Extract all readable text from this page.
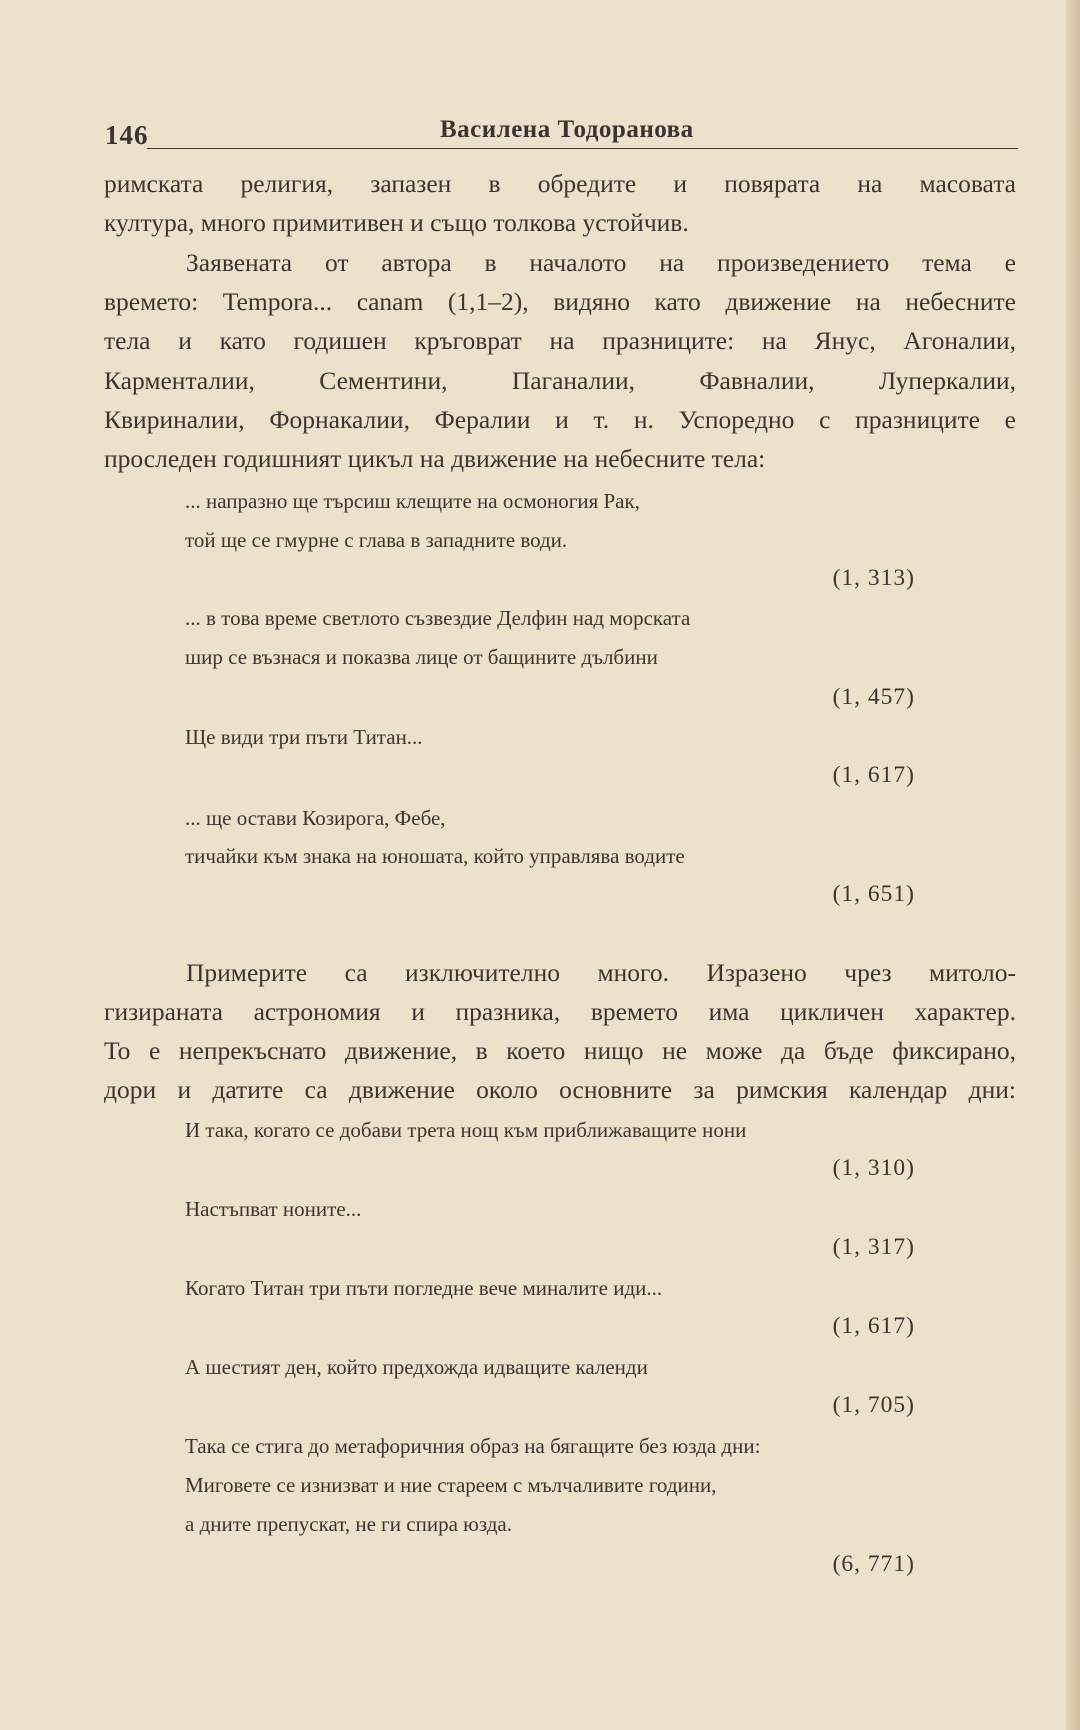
146	Василена Тодоранова
римската религия, запазен в обредите и повярата на масовата
култура, много примитивен и също толкова устойчив.
Заявената от автора в началото на произведението тема е
времето: Tempora... canam (1,1–2), видяно като движение на небесните
тела и като годишен кръговрат на празниците: на Янус, Агоналии,
Карменталии, Сементини, Паганалии, Фавналии, Луперкалии,
Квириналии, Форнакалии, Фералии и т. н. Успоредно с празниците е
проследен годишният цикъл на движение на небесните тела:
... напразно ще търсиш клещите на осмоногия Рак,
той ще се гмурне с глава в западните води.
(1, 313)
... в това време светлото съзвездие Делфин над морската
шир се възнася и показва лице от бащините дълбини
(1, 457)
Ще види три пъти Титан...
(1, 617)
... ще остави Козирога, Фебе,
тичайки към знака на юношата, който управлява водите
(1, 651)
Примерите са изключително много. Изразено чрез митоло-
гизираната астрономия и празника, времето има цикличен характер.
То е непрекъснато движение, в което нищо не може да бъде фиксирано,
дори и датите са движение около основните за римския календар дни:
И така, когато се добави трета нощ към приближаващите нони
(1, 310)
Настъпват ноните...
(1, 317)
Когато Титан три пъти погледне вече миналите иди...
(1, 617)
А шестият ден, който предхожда идващите календи
(1, 705)
Така се стига до метафоричния образ на бягащите без юзда дни:
Миговете се изнизват и ние стареем с мълчаливите години,
а дните препускат, не ги спира юзда.
(6, 771)
